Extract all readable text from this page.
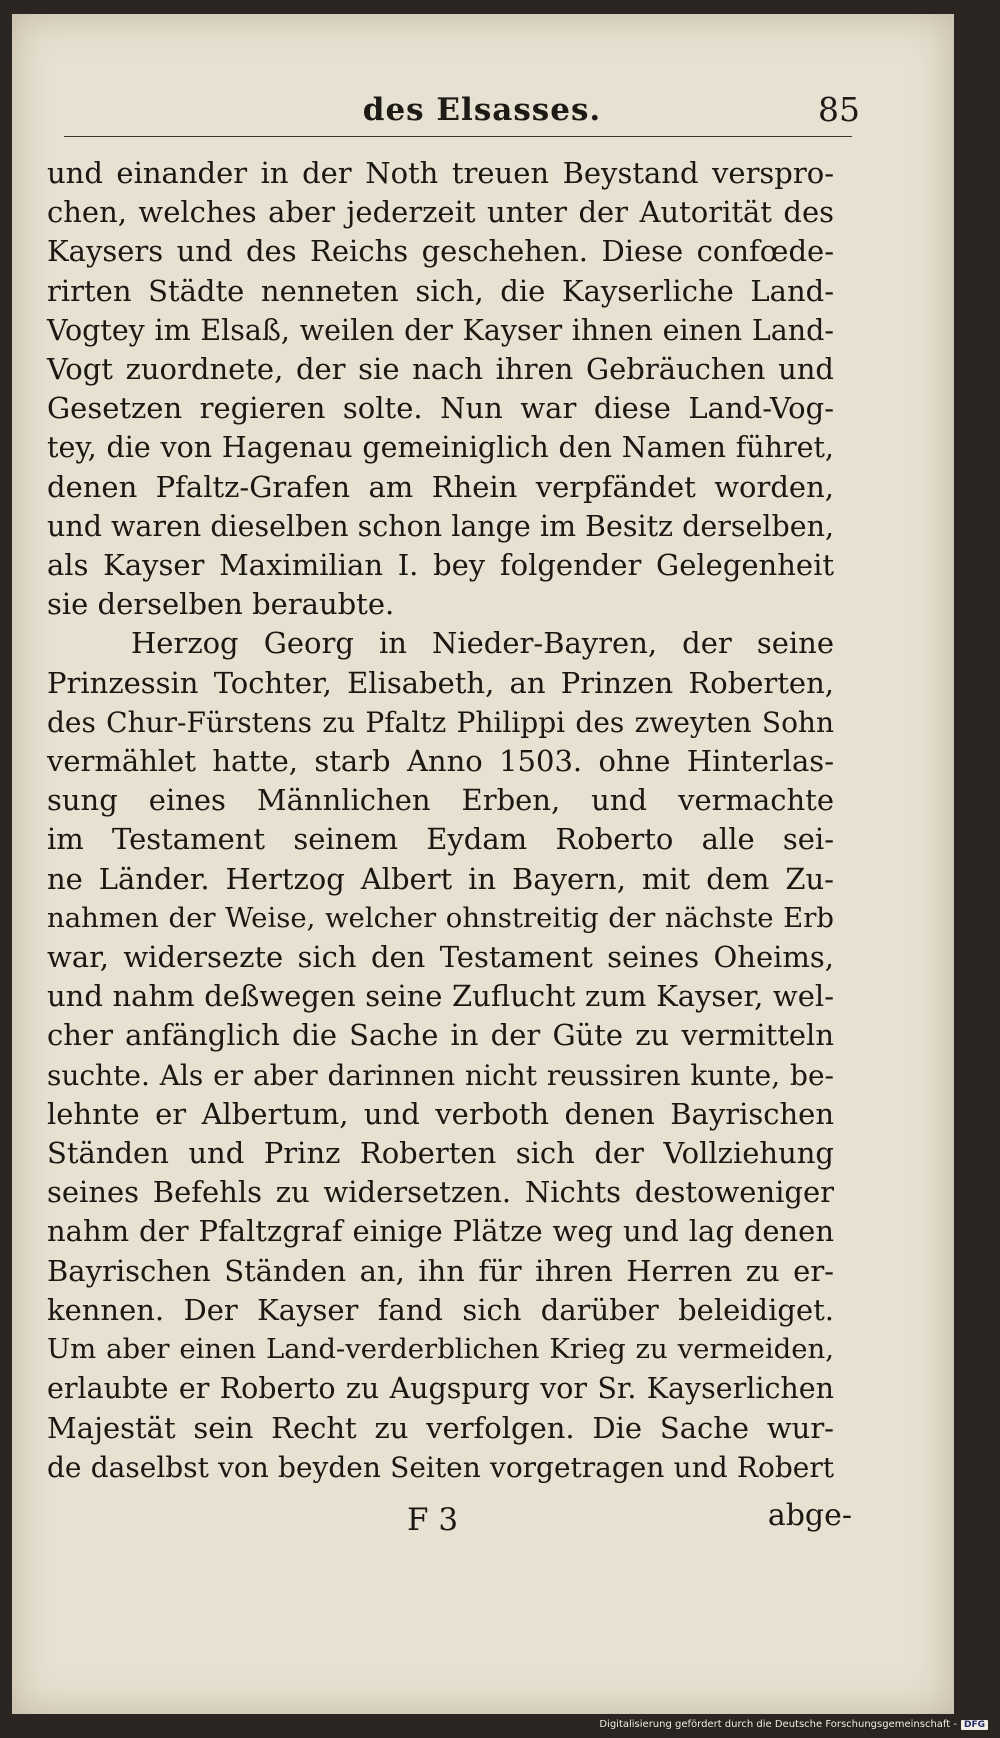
des Elsasses.	85
und einander in der Noth treuen Beystand verspro-
chen, welches aber jederzeit unter der Autorität des
Kaysers und des Reichs geschehen. Diese confœde-
rirten Städte nenneten sich, die Kayserliche Land-
Vogtey im Elsaß, weilen der Kayser ihnen einen Land-
Vogt zuordnete, der sie nach ihren Gebräuchen und
Gesetzen regieren solte. Nun war diese Land-Vog-
tey, die von Hagenau gemeiniglich den Namen führet,
denen Pfaltz-Grafen am Rhein verpfändet worden,
und waren dieselben schon lange im Besitz derselben,
als Kayser Maximilian I. bey folgender Gelegenheit
sie derselben beraubte.
Herzog Georg in Nieder-Bayren, der seine
Prinzessin Tochter, Elisabeth, an Prinzen Roberten,
des Chur-Fürstens zu Pfaltz Philippi des zweyten Sohn
vermählet hatte, starb Anno 1503. ohne Hinterlas-
sung eines Männlichen Erben, und vermachte
im Testament seinem Eydam Roberto alle sei-
ne Länder. Hertzog Albert in Bayern, mit dem Zu-
nahmen der Weise, welcher ohnstreitig der nächste Erb
war, widersezte sich den Testament seines Oheims,
und nahm deßwegen seine Zuflucht zum Kayser, wel-
cher anfänglich die Sache in der Güte zu vermitteln
suchte. Als er aber darinnen nicht reussiren kunte, be-
lehnte er Albertum, und verboth denen Bayrischen
Ständen und Prinz Roberten sich der Vollziehung
seines Befehls zu widersetzen. Nichts destoweniger
nahm der Pfaltzgraf einige Plätze weg und lag denen
Bayrischen Ständen an, ihn für ihren Herren zu er-
kennen. Der Kayser fand sich darüber beleidiget.
Um aber einen Land-verderblichen Krieg zu vermeiden,
erlaubte er Roberto zu Augspurg vor Sr. Kayserlichen
Majestät sein Recht zu verfolgen. Die Sache wur-
de daselbst von beyden Seiten vorgetragen und Robert
F 3	abge-
Digitalisierung gefördert durch die Deutsche Forschungsgemeinschaft - DFG
